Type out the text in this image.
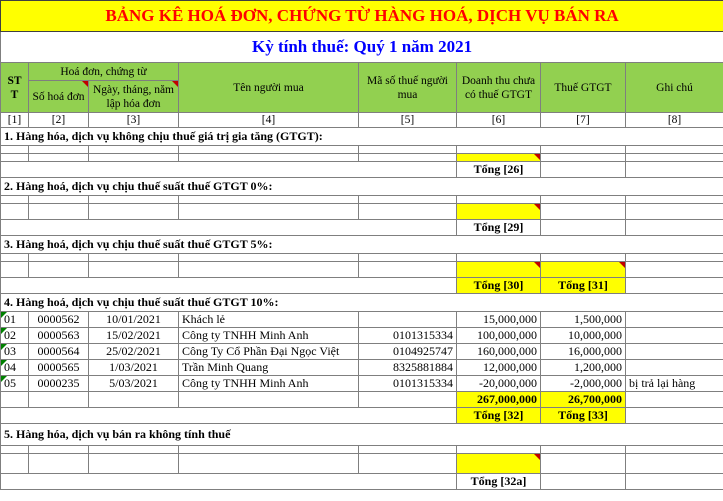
BẢNG KÊ HOÁ ĐƠN, CHỨNG TỪ HÀNG HOÁ, DỊCH VỤ BÁN RA							
Kỳ tính thuế: Quý 1 năm 2021							
ST T	Hoá đơn, chứng từ		Tên người mua	Mã số thuế người mua	Doanh thu chưa có thuế GTGT	Thuế GTGT	Ghi chú
	Số hoá đơn	Ngày, tháng, năm lập hóa đơn					
[1]	[2]	[3]	[4]	[5]	[6]	[7]	[8]
1. Hàng hóa, dịch vụ không chịu thuế giá trị gia tăng (GTGT):							

					Tổng [26]		
2. Hàng hoá, dịch vụ chịu thuế suất thuế GTGT 0%:							

					Tổng [29]		
3. Hàng hoá, dịch vụ chịu thuế suất thuế GTGT 5%:							

					Tổng [30]	Tổng [31]	
4. Hàng hoá, dịch vụ chịu thuế suất thuế GTGT 10%:							
01	0000562	10/01/2021	Khách lẻ		15,000,000	1,500,000	
02	0000563	15/02/2021	Công ty TNHH Minh Anh	0101315334	100,000,000	10,000,000	
03	0000564	25/02/2021	Công Ty Cổ Phần Đại Ngọc Việt	0104925747	160,000,000	16,000,000	
04	0000565	1/03/2021	Trần Minh Quang	8325881884	12,000,000	1,200,000	
05	0000235	5/03/2021	Công ty TNHH Minh Anh	0101315334	-20,000,000	-2,000,000	bị trả lại hàng
					267,000,000	26,700,000	
					Tổng [32]	Tổng [33]	
5. Hàng hóa, dịch vụ bán ra không tính thuế							

					Tổng [32a]		
